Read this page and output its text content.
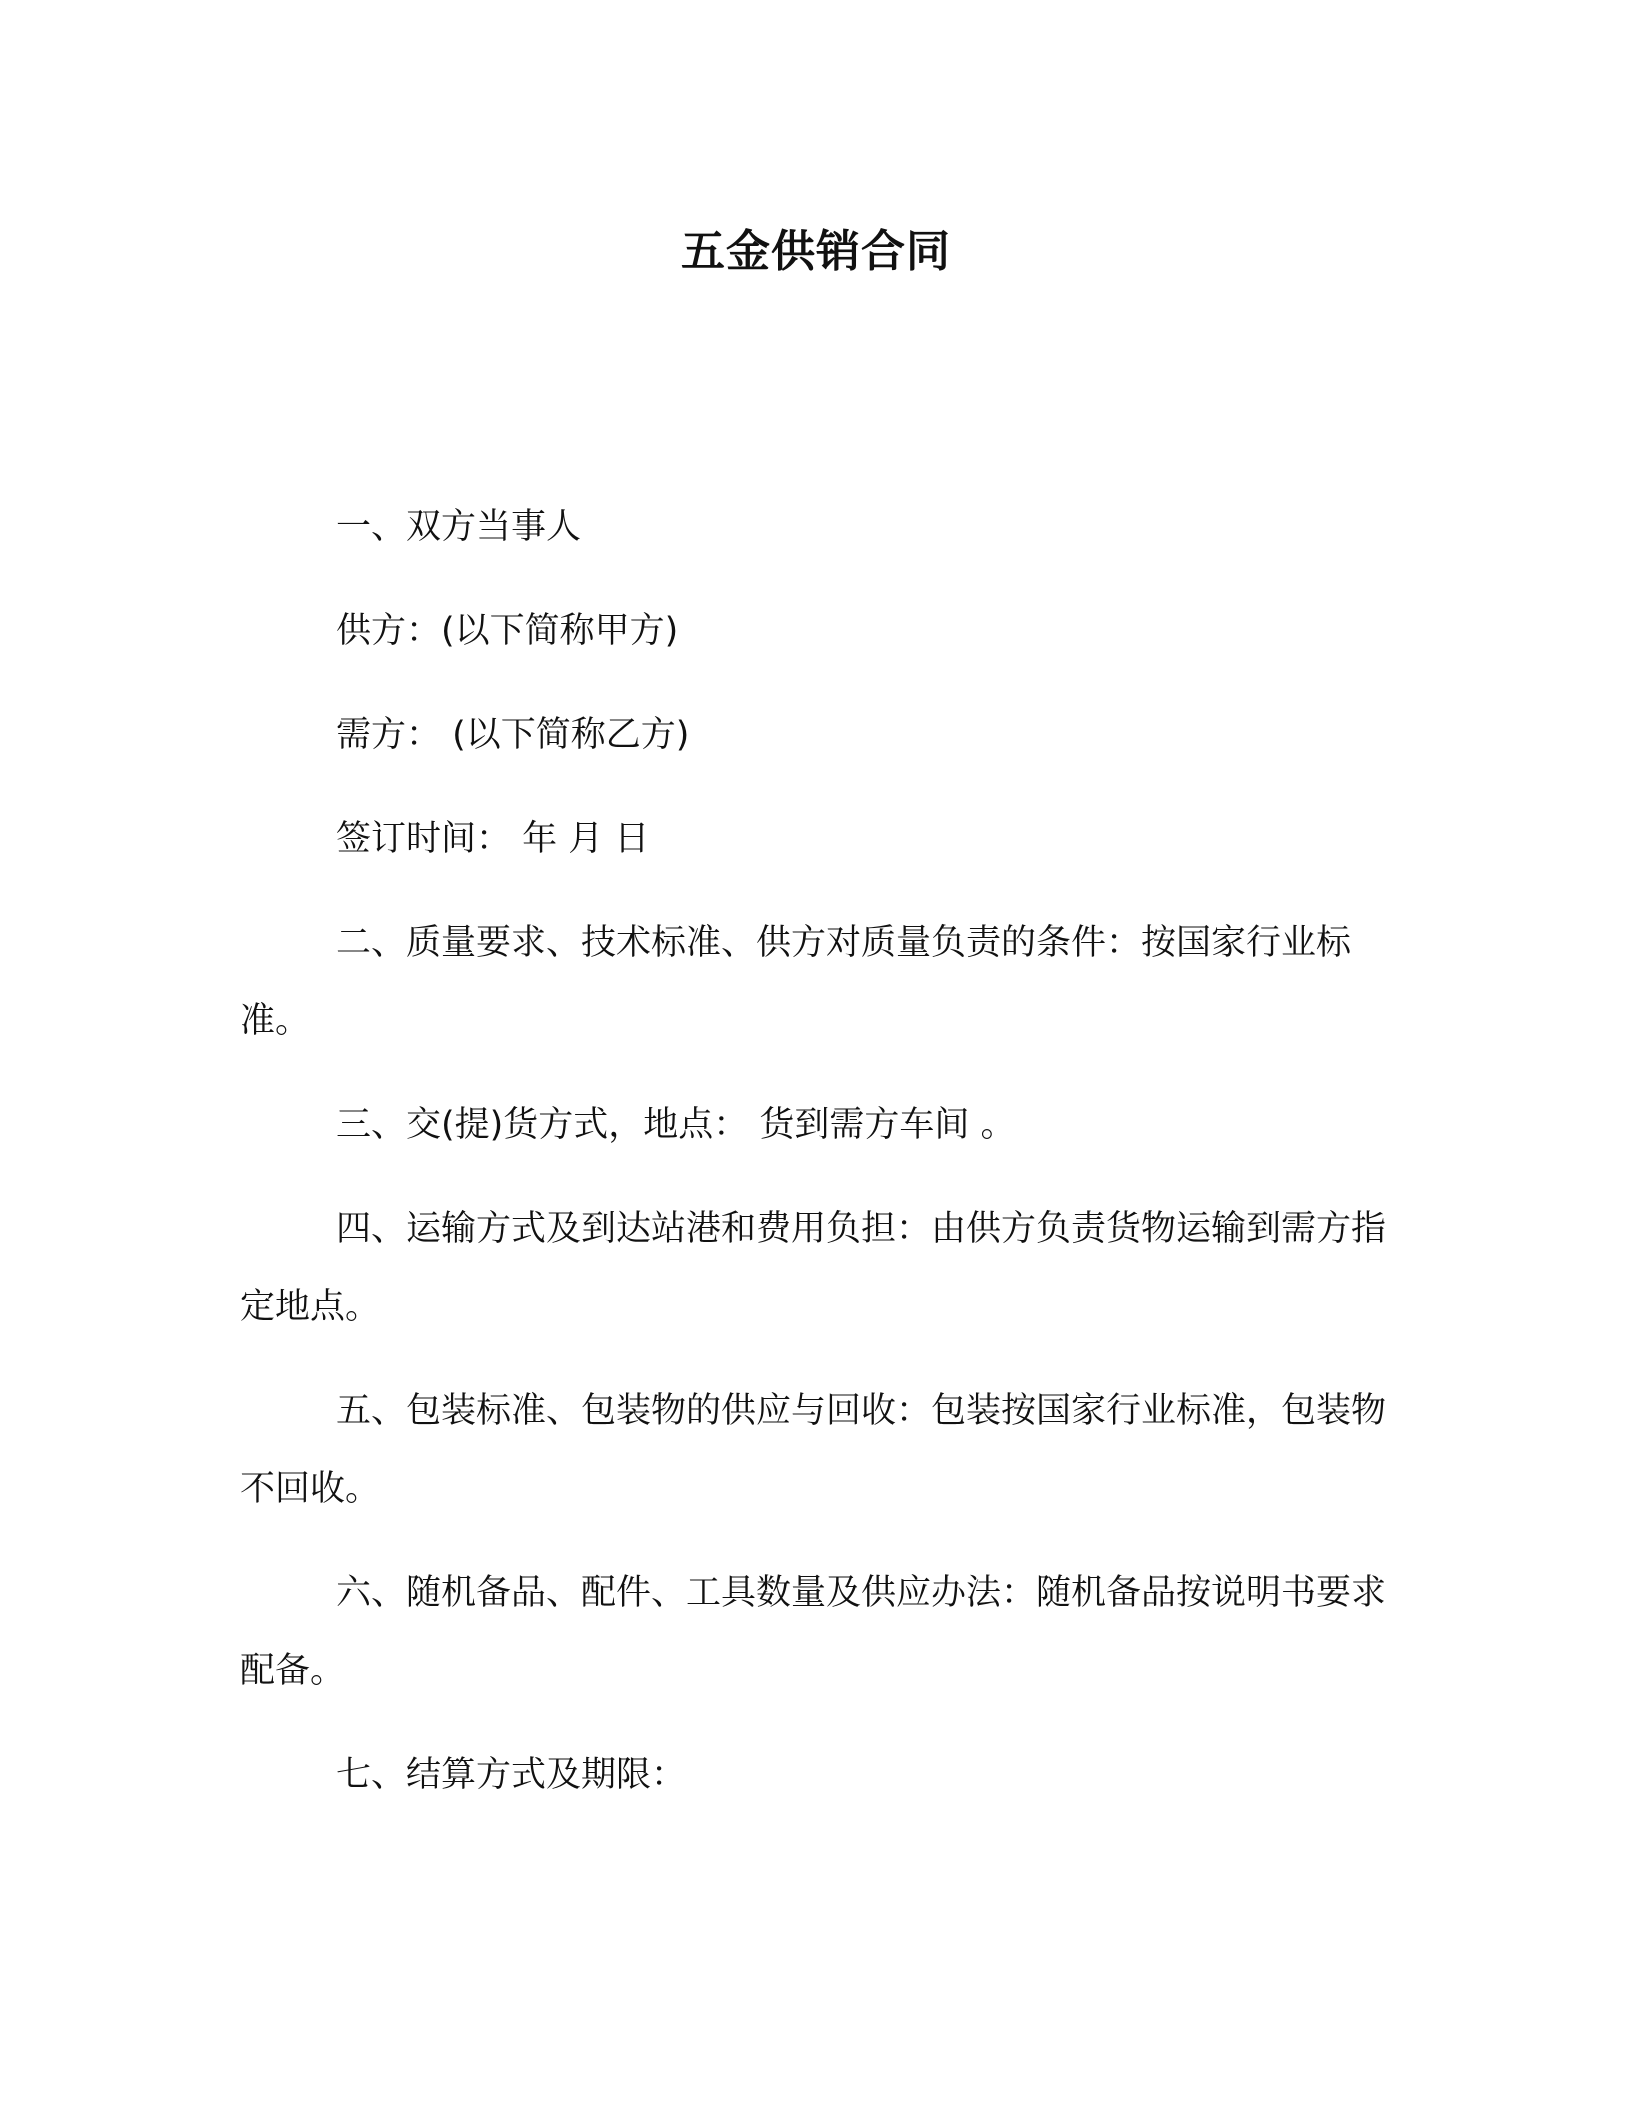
五金供销合同

一、双方当事人

供方：(以下简称甲方)

需方： (以下简称乙方)

签订时间： 年 月 日

二、质量要求、技术标准、供方对质量负责的条件：按国家行业标准。

三、交(提)货方式，地点： 货到需方车间 。

四、运输方式及到达站港和费用负担：由供方负责货物运输到需方指定地点。

五、包装标准、包装物的供应与回收：包装按国家行业标准，包装物不回收。

六、随机备品、配件、工具数量及供应办法：随机备品按说明书要求配备。

七、结算方式及期限：
